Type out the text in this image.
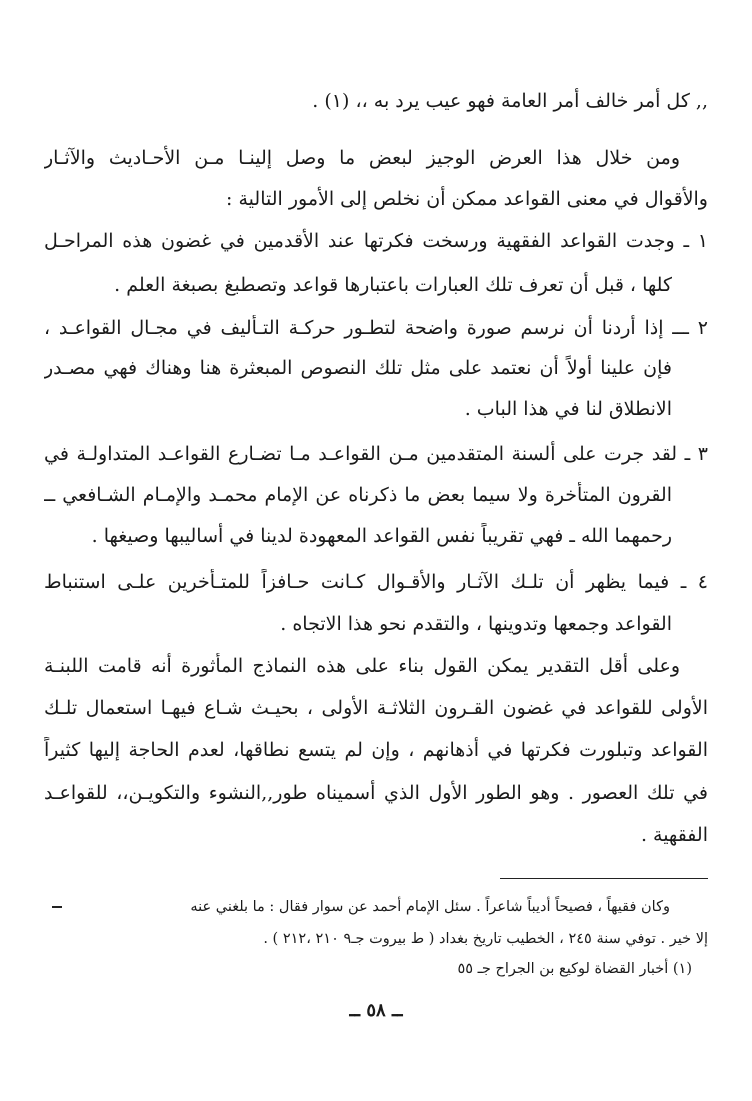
,, كل أمر خالف أمر العامة فهو عيب يرد به ،، (١) .
ومن خلال هذا العرض الوجيز لبعض ما وصل إلينـا مـن الأحـاديث والآثـار
والأقوال في معنى القواعد ممكن أن نخلص إلى الأمور التالية :
١ ـ وجدت القواعد الفقهية ورسخت فكرتها عند الأقدمين في غضون هذه المراحـل
كلها ، قبل أن تعرف تلك العبارات باعتبارها قواعد وتصطبغ بصبغة العلم .
٢ ـــ إذا أردنا أن نرسم صورة واضحة لتطـور حركـة التـأليف في مجـال القواعـد ،
فإن علينا أولاً أن نعتمد على مثل تلك النصوص المبعثرة هنا وهناك فهي مصـدر
الانطلاق لنا في هذا الباب .
٣ ـ لقد جرت على ألسنة المتقدمين مـن القواعـد مـا تضـارع القواعـد المتداولـة في
القرون المتأخرة ولا سيما بعض ما ذكرناه عن الإمام محمـد والإمـام الشـافعي ــ
رحمهما الله ـ فهي تقريباً نفس القواعد المعهودة لدينا في أساليبها وصيغها .
٤ ـ فيما يظهر أن تلـك الآثـار والأقـوال كـانت حـافزاً للمتـأخرين علـى استنباط
القواعد وجمعها وتدوينها ، والتقدم نحو هذا الاتجاه .
وعلى أقل التقدير يمكن القول بناء على هذه النماذج المأثورة أنه قامت اللبنـة
الأولى للقواعد في غضون القـرون الثلاثـة الأولى ، بحيـث شـاع فيهـا استعمال تلـك
القواعد وتبلورت فكرتها في أذهانهم ، وإن لم يتسع نطاقها، لعدم الحاجة إليها كثيراً
في تلك العصور . وهو الطور الأول الذي أسميناه طور,,النشوء والتكويـن،، للقواعـد
الفقهية .
وكان فقيهاً ، فصيحاً أديباً شاعراً . سئل الإمام أحمد عن سوار فقال : ما بلغني عنه
إلا خير . توفي سنة ٢٤٥ ، الخطيب تاريخ بغداد ( ط بيروت جـ٩ ٢١٠ ،٢١٢ ) .
(١) أخبار القضاة لوكيع بن الجراح جـ ٥٥
ــ ٥٨ ــ
